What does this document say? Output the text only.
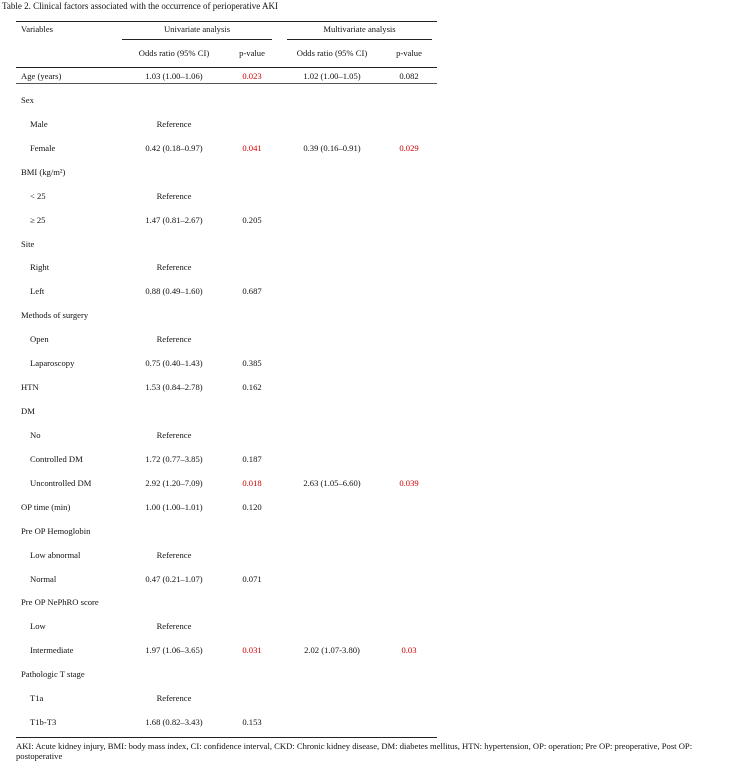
Table 2. Clinical factors associated with the occurrence of perioperative AKI
Variables	Univariate analysis	Multivariate analysis
Odds ratio (95% CI)	p-value	Odds ratio (95% CI)	p-value
Age (years)	1.03 (1.00–1.06)	0.023	1.02 (1.00–1.05)	0.082
Sex
Male	Reference
Female	0.42 (0.18–0.97)	0.041	0.39 (0.16–0.91)	0.029
BMI (kg/m²)
< 25	Reference
≥ 25	1.47 (0.81–2.67)	0.205
Site
Right	Reference
Left	0.88 (0.49–1.60)	0.687
Methods of surgery
Open	Reference
Laparoscopy	0.75 (0.40–1.43)	0.385
HTN	1.53 (0.84–2.78)	0.162
DM
No	Reference
Controlled DM	1.72 (0.77–3.85)	0.187
Uncontrolled DM	2.92 (1.20–7.09)	0.018	2.63 (1.05–6.60)	0.039
OP time (min)	1.00 (1.00–1.01)	0.120
Pre OP Hemoglobin
Low abnormal	Reference
Normal	0.47 (0.21–1.07)	0.071
Pre OP NePhRO score
Low	Reference
Intermediate	1.97 (1.06–3.65)	0.031	2.02 (1.07-3.80)	0.03
Pathologic T stage
T1a	Reference
T1b-T3	1.68 (0.82–3.43)	0.153
AKI: Acute kidney injury, BMI: body mass index, CI: confidence interval, CKD: Chronic kidney disease, DM: diabetes mellitus, HTN: hypertension, OP: operation; Pre OP: preoperative, Post OP: postoperative
